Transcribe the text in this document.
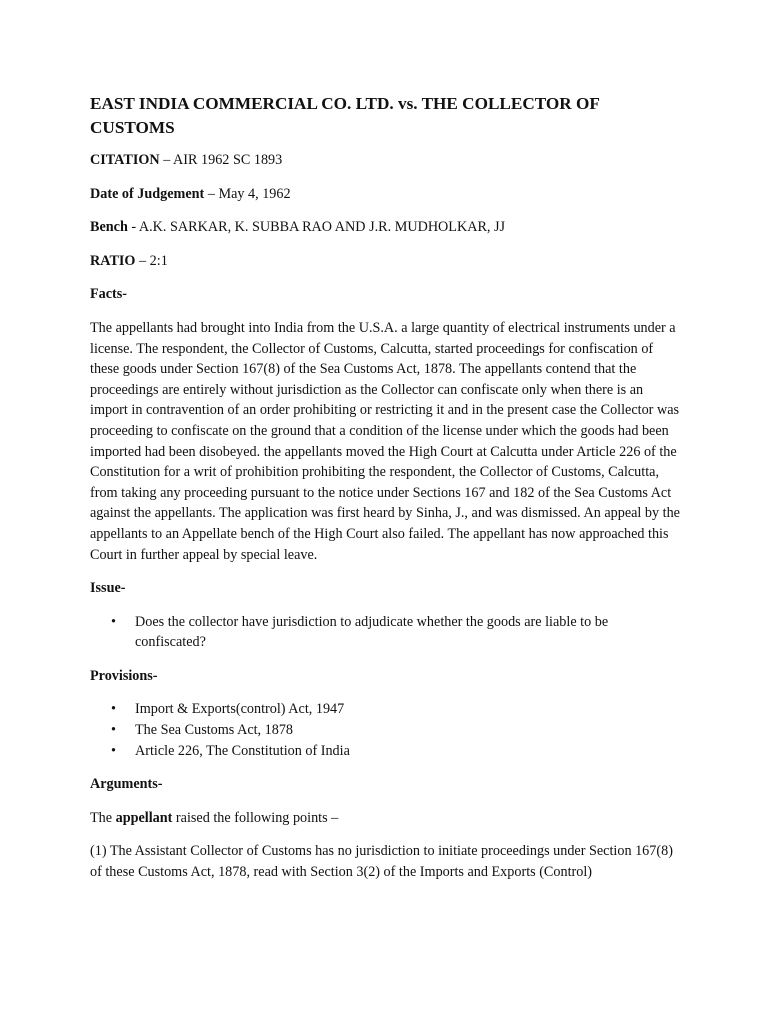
EAST INDIA COMMERCIAL CO. LTD. vs. THE COLLECTOR OF CUSTOMS

CITATION – AIR 1962 SC 1893

Date of Judgement – May 4, 1962

Bench - A.K. SARKAR, K. SUBBA RAO AND J.R. MUDHOLKAR, JJ

RATIO – 2:1

Facts-

The appellants had brought into India from the U.S.A. a large quantity of electrical instruments under a license. The respondent, the Collector of Customs, Calcutta, started proceedings for confiscation of these goods under Section 167(8) of the Sea Customs Act, 1878. The appellants contend that the proceedings are entirely without jurisdiction as the Collector can confiscate only when there is an import in contravention of an order prohibiting or restricting it and in the present case the Collector was proceeding to confiscate on the ground that a condition of the license under which the goods had been imported had been disobeyed. the appellants moved the High Court at Calcutta under Article 226 of the Constitution for a writ of prohibition prohibiting the respondent, the Collector of Customs, Calcutta, from taking any proceeding pursuant to the notice under Sections 167 and 182 of the Sea Customs Act against the appellants. The application was first heard by Sinha, J., and was dismissed. An appeal by the appellants to an Appellate bench of the High Court also failed. The appellant has now approached this Court in further appeal by special leave.

Issue-
• Does the collector have jurisdiction to adjudicate whether the goods are liable to be confiscated?
Provisions-
• Import & Exports(control) Act, 1947
• The Sea Customs Act, 1878
• Article 226, The Constitution of India
Arguments-

The appellant raised the following points –

(1) The Assistant Collector of Customs has no jurisdiction to initiate proceedings under Section 167(8) of these Customs Act, 1878, read with Section 3(2) of the Imports and Exports (Control)
